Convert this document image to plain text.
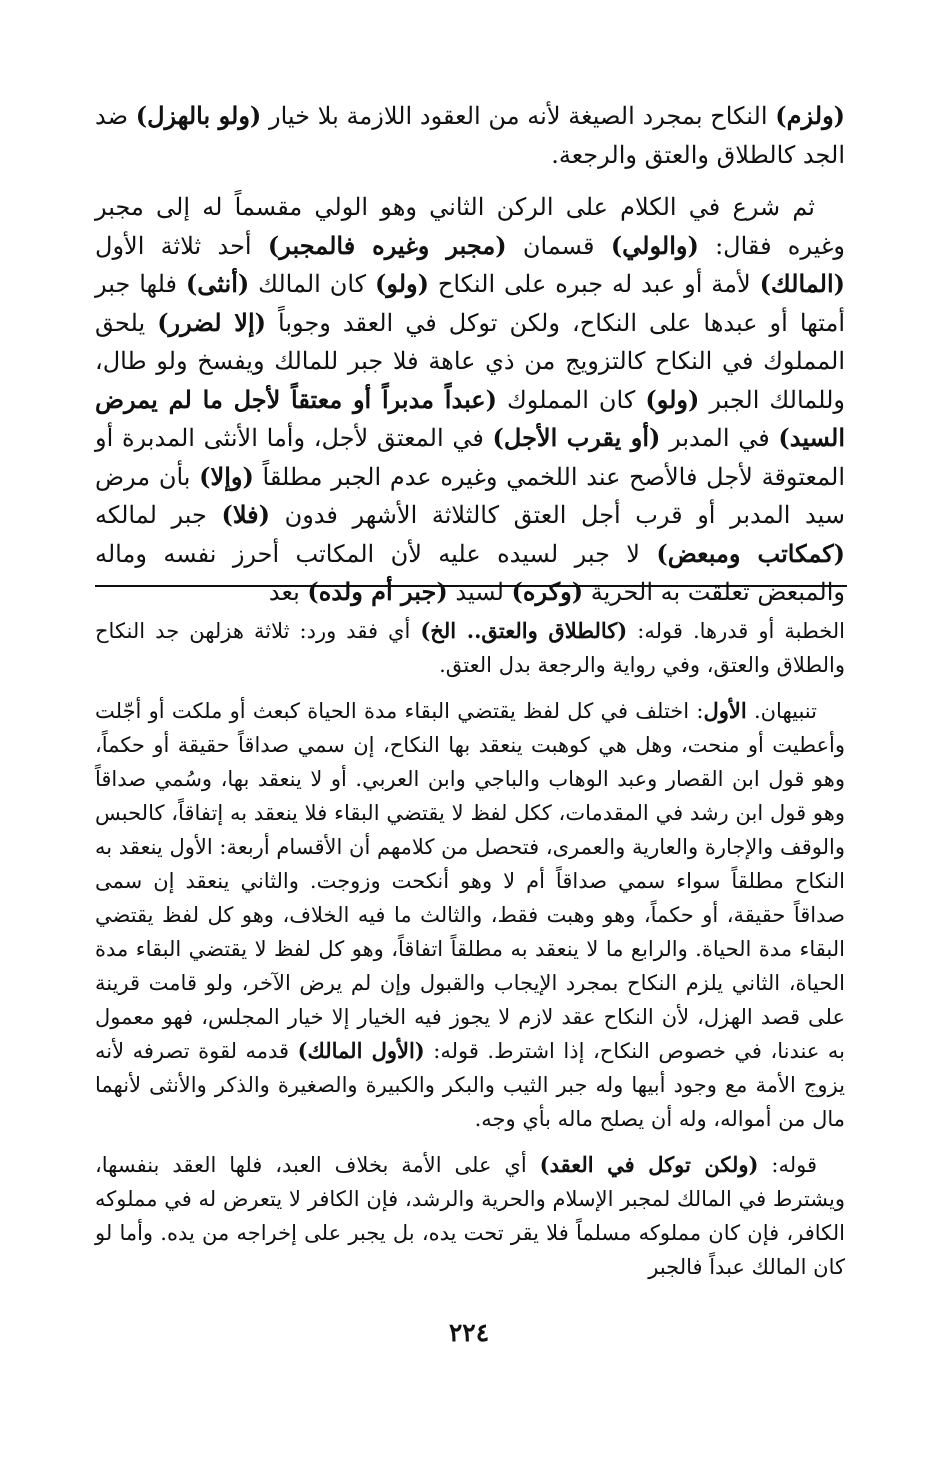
(ولزم) النكاح بمجرد الصيغة لأنه من العقود اللازمة بلا خيار (ولو بالهزل) ضد الجد كالطلاق والعتق والرجعة.

ثم شرع في الكلام على الركن الثاني وهو الولي مقسماً له إلى مجبر وغيره فقال: (والولي) قسمان (مجبر وغيره فالمجبر) أحد ثلاثة الأول (المالك) لأمة أو عبد له جبره على النكاح (ولو) كان المالك (أنثى) فلها جبر أمتها أو عبدها على النكاح، ولكن توكل في العقد وجوباً (إلا لضرر) يلحق المملوك في النكاح كالتزويج من ذي عاهة فلا جبر للمالك ويفسخ ولو طال، وللمالك الجبر (ولو) كان المملوك (عبداً مدبراً أو معتقاً لأجل ما لم يمرض السيد) في المدبر (أو يقرب الأجل) في المعتق لأجل، وأما الأنثى المدبرة أو المعتوقة لأجل فالأصح عند اللخمي وغيره عدم الجبر مطلقاً (وإلا) بأن مرض سيد المدبر أو قرب أجل العتق كالثلاثة الأشهر فدون (فلا) جبر لمالكه (كمكاتب ومبعض) لا جبر لسيده عليه لأن المكاتب أحرز نفسه وماله والمبعض تعلقت به الحرية (وكره) لسيد (جبر أم ولده) بعد

الخطبة أو قدرها. قوله: (كالطلاق والعتق.. الخ) أي فقد ورد: ثلاثة هزلهن جد النكاح والطلاق والعتق، وفي رواية والرجعة بدل العتق.

تنبيهان. الأول: اختلف في كل لفظ يقتضي البقاء مدة الحياة كبعث أو ملكت أو أجّلت وأعطيت أو منحت، وهل هي كوهبت ينعقد بها النكاح، إن سمي صداقاً حقيقة أو حكماً، وهو قول ابن القصار وعبد الوهاب والباجي وابن العربي. أو لا ينعقد بها، وسُمي صداقاً وهو قول ابن رشد في المقدمات، ككل لفظ لا يقتضي البقاء فلا ينعقد به إتفاقاً، كالحبس والوقف والإجارة والعارية والعمرى، فتحصل من كلامهم أن الأقسام أربعة: الأول ينعقد به النكاح مطلقاً سواء سمي صداقاً أم لا وهو أنكحت وزوجت. والثاني ينعقد إن سمى صداقاً حقيقة، أو حكماً، وهو وهبت فقط، والثالث ما فيه الخلاف، وهو كل لفظ يقتضي البقاء مدة الحياة. والرابع ما لا ينعقد به مطلقاً اتفاقاً، وهو كل لفظ لا يقتضي البقاء مدة الحياة، الثاني يلزم النكاح بمجرد الإيجاب والقبول وإن لم يرض الآخر، ولو قامت قرينة على قصد الهزل، لأن النكاح عقد لازم لا يجوز فيه الخيار إلا خيار المجلس، فهو معمول به عندنا، في خصوص النكاح، إذا اشترط. قوله: (الأول المالك) قدمه لقوة تصرفه لأنه يزوج الأمة مع وجود أبيها وله جبر الثيب والبكر والكبيرة والصغيرة والذكر والأنثى لأنهما مال من أمواله، وله أن يصلح ماله بأي وجه.

قوله: (ولكن توكل في العقد) أي على الأمة بخلاف العبد، فلها العقد بنفسها، ويشترط في المالك لمجبر الإسلام والحرية والرشد، فإن الكافر لا يتعرض له في مملوكه الكافر، فإن كان مملوكه مسلماً فلا يقر تحت يده، بل يجبر على إخراجه من يده. وأما لو كان المالك عبداً فالجبر

٢٢٤
